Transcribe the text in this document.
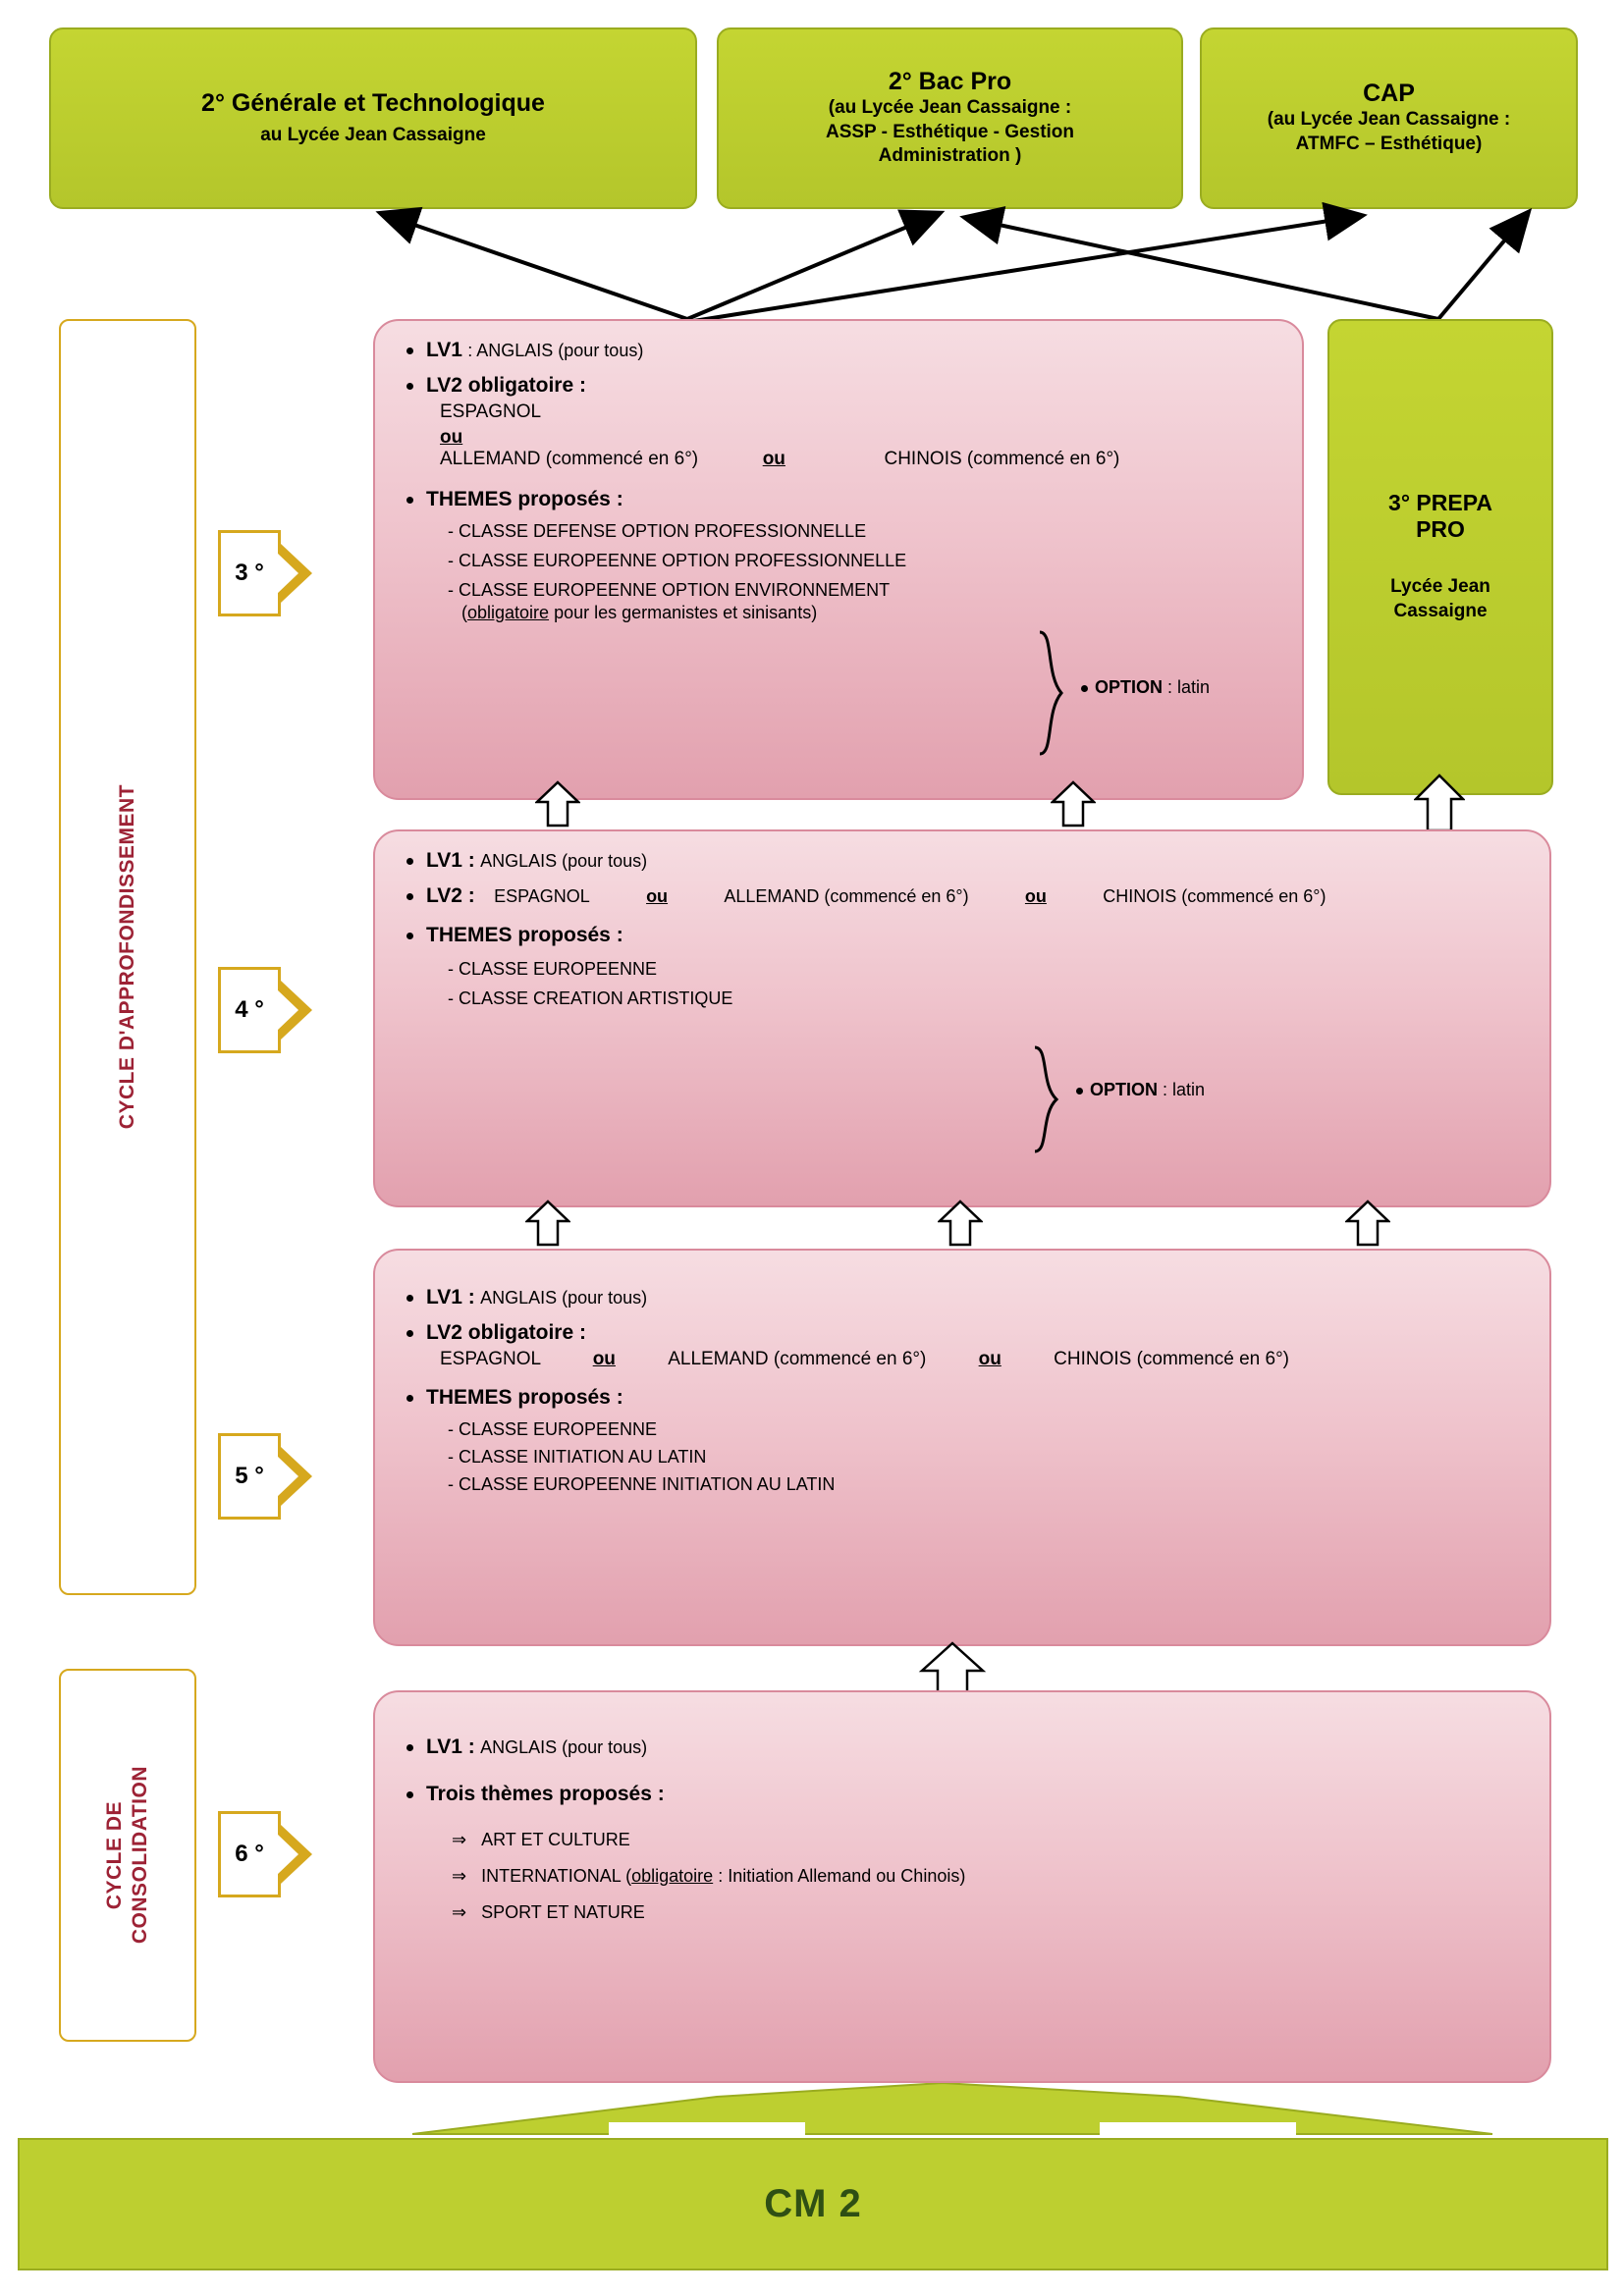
2° Générale et Technologique
au Lycée Jean Cassaigne
2° Bac Pro
(au Lycée Jean Cassaigne :
ASSP - Esthétique - Gestion
Administration )
CAP
(au Lycée Jean Cassaigne :
ATMFC – Esthétique)
CYCLE D'APPROFONDISSEMENT
CYCLE DE CONSOLIDATION
3 °
4 °
5 °
6 °
3° PREPA
PRO
Lycée Jean
Cassaigne
LV1 : ANGLAIS (pour tous)
LV2 obligatoire :
ESPAGNOL
ou
ALLEMAND (commencé en 6°)	ou	CHINOIS (commencé en 6°)
THEMES proposés :
- CLASSE DEFENSE OPTION PROFESSIONNELLE
- CLASSE EUROPEENNE OPTION PROFESSIONNELLE
- CLASSE EUROPEENNE OPTION ENVIRONNEMENT
(obligatoire pour les germanistes et sinisants)
OPTION : latin
LV1 : ANGLAIS (pour tous)
LV2 : ESPAGNOL	ou	ALLEMAND (commencé en 6°)	ou	CHINOIS (commencé en 6°)
THEMES proposés :
- CLASSE EUROPEENNE
- CLASSE CREATION ARTISTIQUE
OPTION : latin
LV1 : ANGLAIS (pour tous)
LV2 obligatoire :
ESPAGNOL	ou	ALLEMAND (commencé en 6°)	ou	CHINOIS (commencé en 6°)
THEMES proposés :
- CLASSE EUROPEENNE
- CLASSE INITIATION AU LATIN
- CLASSE EUROPEENNE INITIATION AU LATIN
LV1 : ANGLAIS (pour tous)
Trois thèmes proposés :
⇒ ART ET CULTURE
⇒ INTERNATIONAL (obligatoire : Initiation Allemand ou Chinois)
⇒ SPORT ET NATURE
CM 2
